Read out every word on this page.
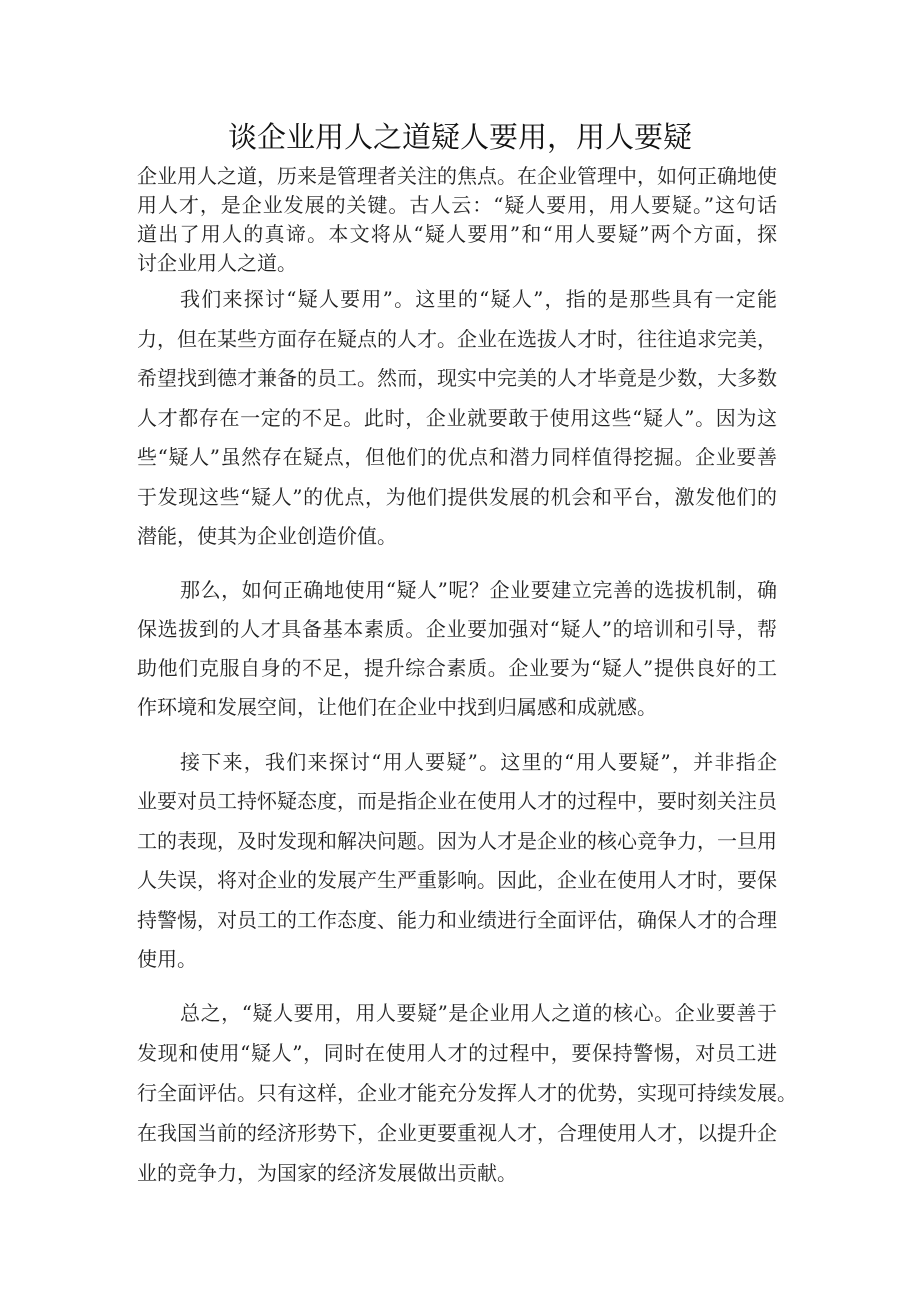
谈企业用人之道疑人要用，用人要疑
企业用人之道，历来是管理者关注的焦点。在企业管理中，如何正确地使
用人才，是企业发展的关键。古人云：“疑人要用，用人要疑。”这句话
道出了用人的真谛。本文将从“疑人要用”和“用人要疑”两个方面，探
讨企业用人之道。
我们来探讨“疑人要用”。这里的“疑人”，指的是那些具有一定能
力，但在某些方面存在疑点的人才。企业在选拔人才时，往往追求完美，
希望找到德才兼备的员工。然而，现实中完美的人才毕竟是少数，大多数
人才都存在一定的不足。此时，企业就要敢于使用这些“疑人”。因为这
些“疑人”虽然存在疑点，但他们的优点和潜力同样值得挖掘。企业要善
于发现这些“疑人”的优点，为他们提供发展的机会和平台，激发他们的
潜能，使其为企业创造价值。
那么，如何正确地使用“疑人”呢？企业要建立完善的选拔机制，确
保选拔到的人才具备基本素质。企业要加强对“疑人”的培训和引导，帮
助他们克服自身的不足，提升综合素质。企业要为“疑人”提供良好的工
作环境和发展空间，让他们在企业中找到归属感和成就感。
接下来，我们来探讨“用人要疑”。这里的“用人要疑”，并非指企
业要对员工持怀疑态度，而是指企业在使用人才的过程中，要时刻关注员
工的表现，及时发现和解决问题。因为人才是企业的核心竞争力，一旦用
人失误，将对企业的发展产生严重影响。因此，企业在使用人才时，要保
持警惕，对员工的工作态度、能力和业绩进行全面评估，确保人才的合理
使用。
总之，“疑人要用，用人要疑”是企业用人之道的核心。企业要善于
发现和使用“疑人”，同时在使用人才的过程中，要保持警惕，对员工进
行全面评估。只有这样，企业才能充分发挥人才的优势，实现可持续发展。
在我国当前的经济形势下，企业更要重视人才，合理使用人才，以提升企
业的竞争力，为国家的经济发展做出贡献。
